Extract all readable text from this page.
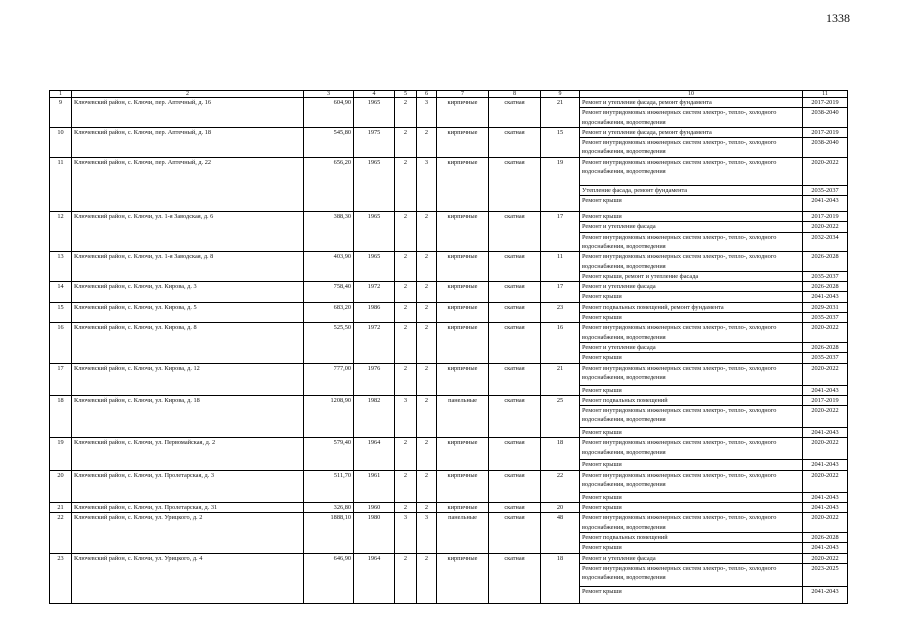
1338
1	2	3	4	5	6	7	8	9	10	11
9	Ключевский район, с. Ключи, пер. Аптечный, д. 16	604,90	1965	2	3	кирпичные	скатная	21	Ремонт и утепление фасада, ремонт фундамента	2017-2019
									Ремонт внутридомовых инженерных систем электро-, тепло-, холодного водоснабжения, водоотведения	2038-2040
10	Ключевский район, с. Ключи, пер. Аптечный, д. 18	545,80	1975	2	2	кирпичные	скатная	15	Ремонт и утепление фасада, ремонт фундамента	2017-2019
									Ремонт внутридомовых инженерных систем электро-, тепло-, холодного водоснабжения, водоотведения	2038-2040
11	Ключевский район, с. Ключи, пер. Аптечный, д. 22	656,20	1965	2	3	кирпичные	скатная	19	Ремонт внутридомовых инженерных систем электро-, тепло-, холодного водоснабжения, водоотведения	2020-2022
									Утепление фасада, ремонт фундамента	2035-2037
									Ремонт крыши	2041-2043
12	Ключевский район, с. Ключи, ул. 1-я Заводская, д. 6	388,30	1965	2	2	кирпичные	скатная	17	Ремонт крыши	2017-2019
									Ремонт и утепление фасада	2020-2022
									Ремонт внутридомовых инженерных систем электро-, тепло-, холодного водоснабжения, водоотведения	2032-2034
13	Ключевский район, с. Ключи, ул. 1-я Заводская, д. 8	403,90	1965	2	2	кирпичные	скатная	11	Ремонт внутридомовых инженерных систем электро-, тепло-, холодного водоснабжения, водоотведения	2026-2028
									Ремонт крыши, ремонт и утепление фасада	2035-2037
14	Ключевский район, с. Ключи, ул. Кирова, д. 3	758,40	1972	2	2	кирпичные	скатная	17	Ремонт и утепление фасада	2026-2028
									Ремонт крыши	2041-2043
15	Ключевский район, с. Ключи, ул. Кирова, д. 5	683,20	1986	2	2	кирпичные	скатная	23	Ремонт подвальных помещений, ремонт фундамента	2029-2031
									Ремонт крыши	2035-2037
16	Ключевский район, с. Ключи, ул. Кирова, д. 8	525,50	1972	2	2	кирпичные	скатная	16	Ремонт внутридомовых инженерных систем электро-, тепло-, холодного водоснабжения, водоотведения	2020-2022
									Ремонт и утепление фасада	2026-2028
									Ремонт крыши	2035-2037
17	Ключевский район, с. Ключи, ул. Кирова, д. 12	777,00	1976	2	2	кирпичные	скатная	21	Ремонт внутридомовых инженерных систем электро-, тепло-, холодного водоснабжения, водоотведения	2020-2022
									Ремонт крыши	2041-2043
18	Ключевский район, с. Ключи, ул. Кирова, д. 18	1208,90	1982	3	2	панельные	скатная	25	Ремонт подвальных помещений	2017-2019
									Ремонт внутридомовых инженерных систем электро-, тепло-, холодного водоснабжения, водоотведения	2020-2022
									Ремонт крыши	2041-2043
19	Ключевский район, с. Ключи, ул. Первомайская, д. 2	579,40	1964	2	2	кирпичные	скатная	18	Ремонт внутридомовых инженерных систем электро-, тепло-, холодного водоснабжения, водоотведения	2020-2022
									Ремонт крыши	2041-2043
20	Ключевский район, с. Ключи, ул. Пролетарская, д. 3	511,70	1961	2	2	кирпичные	скатная	22	Ремонт внутридомовых инженерных систем электро-, тепло-, холодного водоснабжения, водоотведения	2020-2022
									Ремонт крыши	2041-2043
21	Ключевский район, с. Ключи, ул. Пролетарская, д. 31	326,80	1960	2	2	кирпичные	скатная	20	Ремонт крыши	2041-2043
22	Ключевский район, с. Ключи, ул. Урицкого, д. 2	1888,10	1980	3	3	панельные	скатная	48	Ремонт внутридомовых инженерных систем электро-, тепло-, холодного водоснабжения, водоотведения	2020-2022
									Ремонт подвальных помещений	2026-2028
									Ремонт крыши	2041-2043
23	Ключевский район, с. Ключи, ул. Урицкого, д. 4	646,90	1964	2	2	кирпичные	скатная	18	Ремонт и утепление фасада	2020-2022
									Ремонт внутридомовых инженерных систем электро-, тепло-, холодного водоснабжения, водоотведения	2023-2025
									Ремонт крыши	2041-2043
